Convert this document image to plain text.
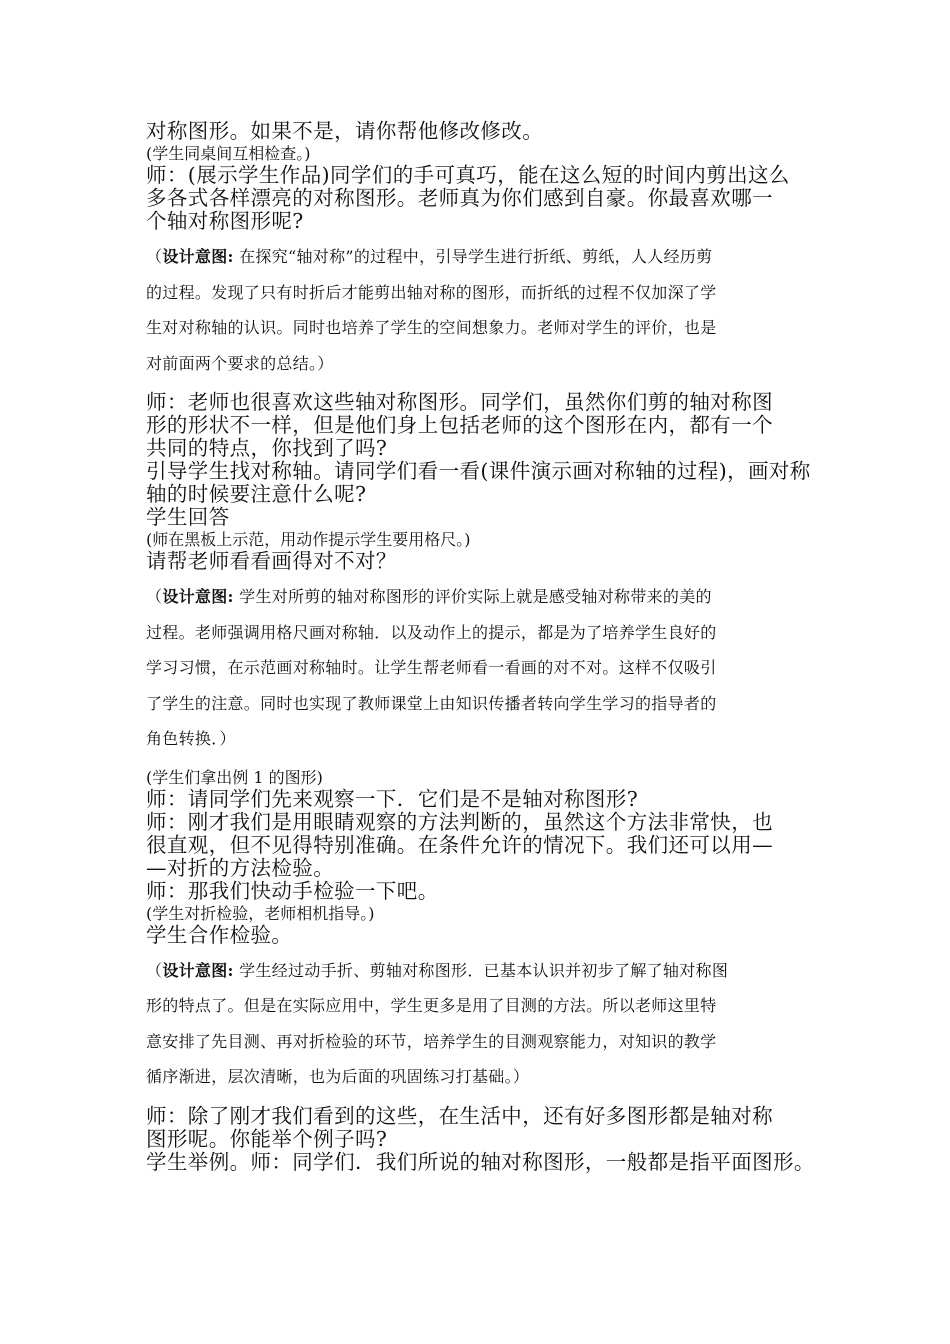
对称图形。如果不是，请你帮他修改修改。

(学生同桌间互相检查。)

师：(展示学生作品)同学们的手可真巧，能在这么短的时间内剪出这么

多各式各样漂亮的对称图形。老师真为你们感到自豪。你最喜欢哪一

个轴对称图形呢?

（设计意图: 在探究“轴对称”的过程中，引导学生进行折纸、剪纸，人人经历剪

的过程。发现了只有时折后才能剪出轴对称的图形，而折纸的过程不仅加深了学

生对对称轴的认识。同时也培养了学生的空间想象力。老师对学生的评价，也是

对前面两个要求的总结。）

师：老师也很喜欢这些轴对称图形。同学们，虽然你们剪的轴对称图

形的形状不一样，但是他们身上包括老师的这个图形在内，都有一个

共同的特点，你找到了吗?

引导学生找对称轴。请同学们看一看(课件演示画对称轴的过程)，画对称

轴的时候要注意什么呢?

学生回答

(师在黑板上示范，用动作提示学生要用格尺。)

请帮老师看看画得对不对？

（设计意图: 学生对所剪的轴对称图形的评价实际上就是感受轴对称带来的美的

过程。老师强调用格尺画对称轴．以及动作上的提示，都是为了培养学生良好的

学习习惯，在示范画对称轴时。让学生帮老师看一看画的对不对。这样不仅吸引

了学生的注意。同时也实现了教师课堂上由知识传播者转向学生学习的指导者的

角色转换．）

(学生们拿出例 1 的图形)

师：请同学们先来观察一下．它们是不是轴对称图形?

师：刚才我们是用眼睛观察的方法判断的，虽然这个方法非常快，也

很直观，但不见得特别准确。在条件允许的情况下。我们还可以用—

—对折的方法检验。

师：那我们快动手检验一下吧。

(学生对折检验，老师相机指导。)

学生合作检验。

（设计意图: 学生经过动手折、剪轴对称图形．已基本认识并初步了解了轴对称图

形的特点了。但是在实际应用中，学生更多是用了目测的方法。所以老师这里特

意安排了先目测、再对折检验的环节，培养学生的目测观察能力，对知识的教学

循序渐进，层次清晰，也为后面的巩固练习打基础。）

师：除了刚才我们看到的这些，在生活中，还有好多图形都是轴对称

图形呢。你能举个例子吗?

学生举例。师：同学们．我们所说的轴对称图形，一般都是指平面图形。
